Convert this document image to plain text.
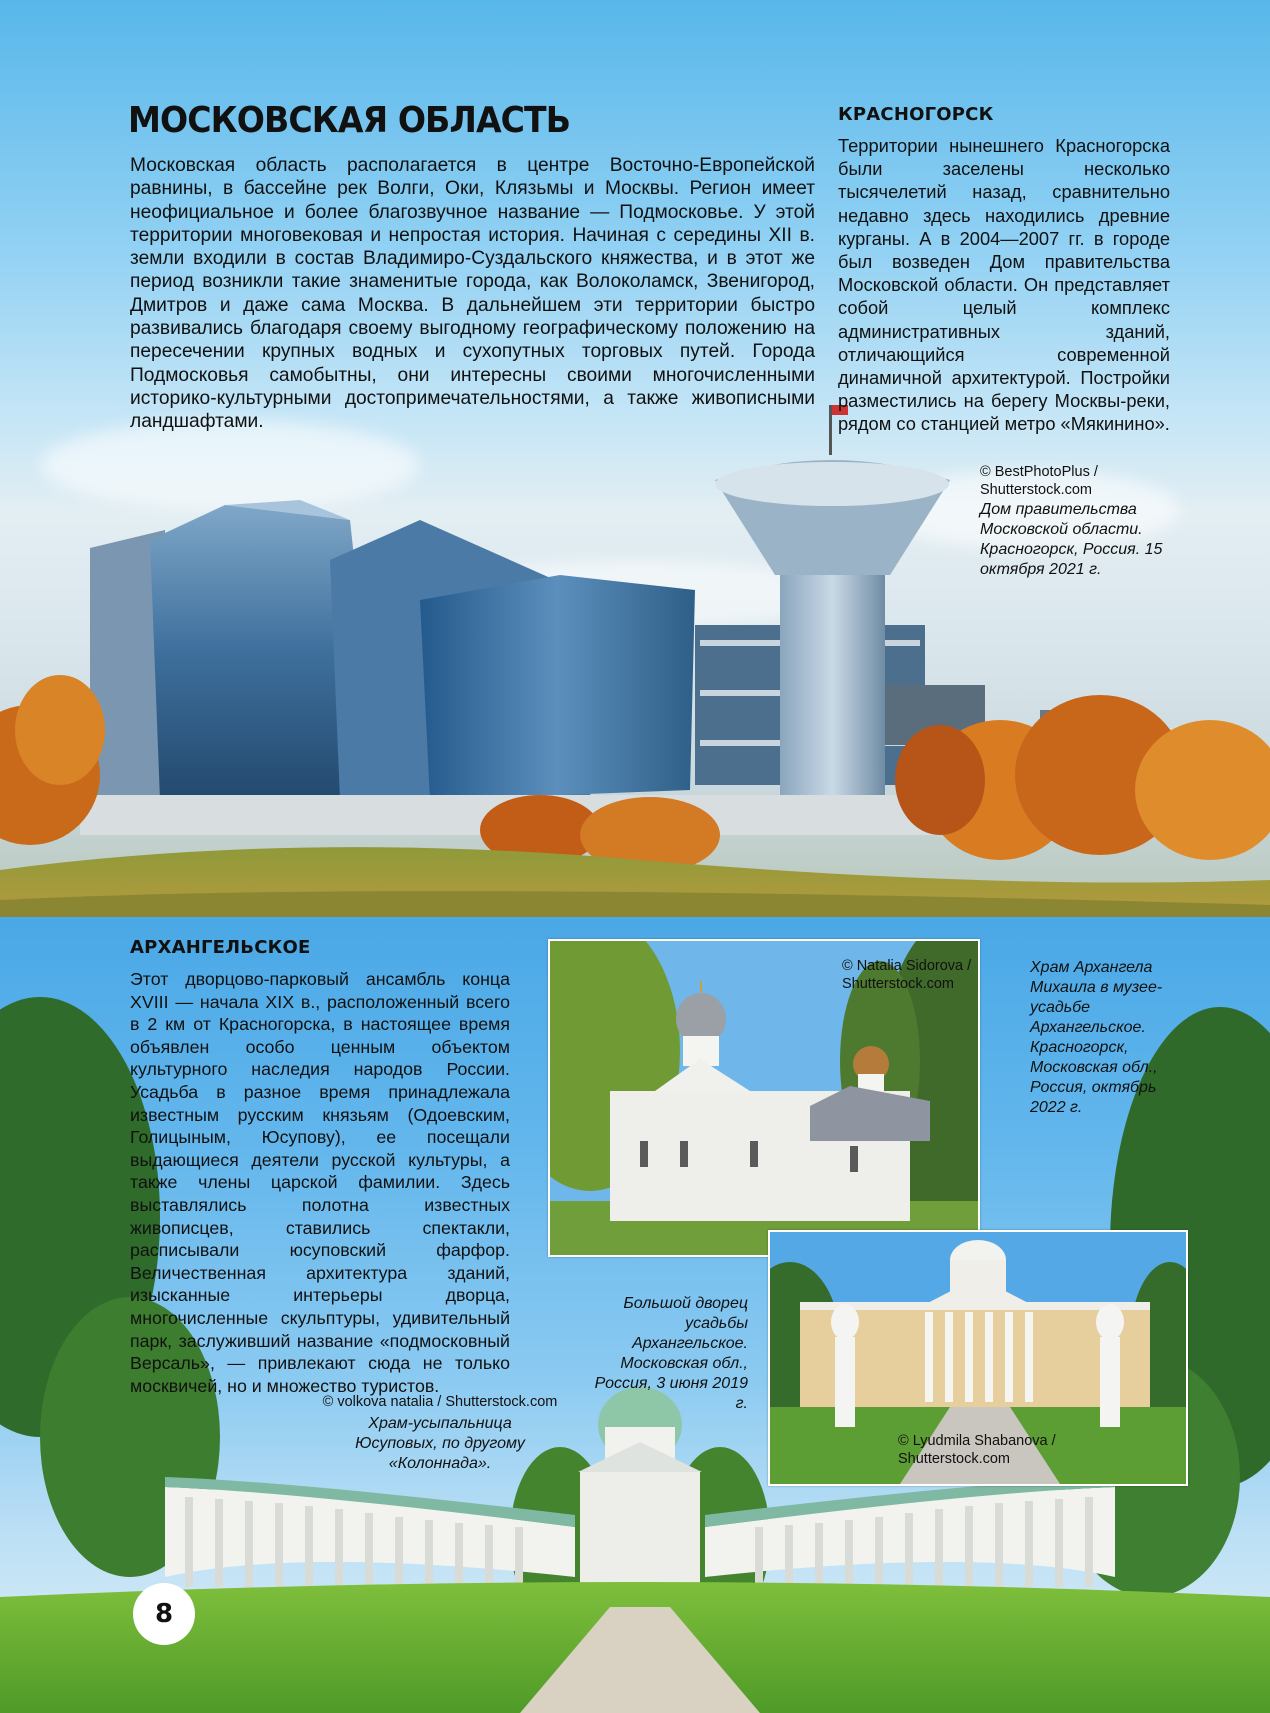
МОСКОВСКАЯ ОБЛАСТЬ

Московская область располагается в центре Восточно-Европейской равнины, в бассейне рек Волги, Оки, Клязьмы и Москвы. Регион имеет неофициальное и более благозвучное название — Подмосковье. У этой территории многовековая и непростая история. Начиная с середины XII в. земли входили в состав Владимиро-Суздальского княжества, и в этот же период возникли такие знаменитые города, как Волоколамск, Звенигород, Дмитров и даже сама Москва. В дальнейшем эти территории быстро развивались благодаря своему выгодному географическому положению на пересечении крупных водных и сухопутных торговых путей. Города Подмосковья самобытны, они интересны своими многочисленными историко-культурными достопримечательностями, а также живописными ландшафтами.

КРАСНОГОРСК

Территории нынешнего Красногорска были заселены несколько тысячелетий назад, сравнительно недавно здесь находились древние курганы. А в 2004—2007 гг. в городе был возведен Дом правительства Московской области. Он представляет собой целый комплекс административных зданий, отличающийся современной динамичной архитектурой. Постройки разместились на берегу Москвы-реки, рядом со станцией метро «Мякинино».

© BestPhotoPlus / Shutterstock.com
Дом правительства Московской области. Красногорск, Россия. 15 октября 2021 г.
АРХАНГЕЛЬСКОЕ
© Natalia Sidorova / Shutterstock.com
© Lyudmila Shabanova / Shutterstock.com
8

Этот дворцово-парковый ансамбль конца XVIII — начала XIX в., расположенный всего в 2 км от Красногорска, в настоящее время объявлен особо ценным объектом культурного наследия народов России. Усадьба в разное время принадлежала известным русским князьям (Одоевским, Голицыным, Юсупову), ее посещали выдающиеся деятели русской культуры, а также члены царской фамилии. Здесь выставлялись полотна известных живописцев, ставились спектакли, расписывали юсуповский фарфор. Величественная архитектура зданий, изысканные интерьеры дворца, многочисленные скульптуры, удивительный парк, заслуживший название «подмосковный Версаль», — привлекают сюда не только москвичей, но и множество туристов.

Храм Архангела Михаила в музее-усадьбе Архангельское. Красногорск, Московская обл., Россия, октябрь 2022 г.
Большой дворец усадьбы Архангельское. Московская обл., Россия, 3 июня 2019 г.
© volkova natalia / Shutterstock.com
Храм-усыпальница Юсуповых, по другому «Колоннада».
